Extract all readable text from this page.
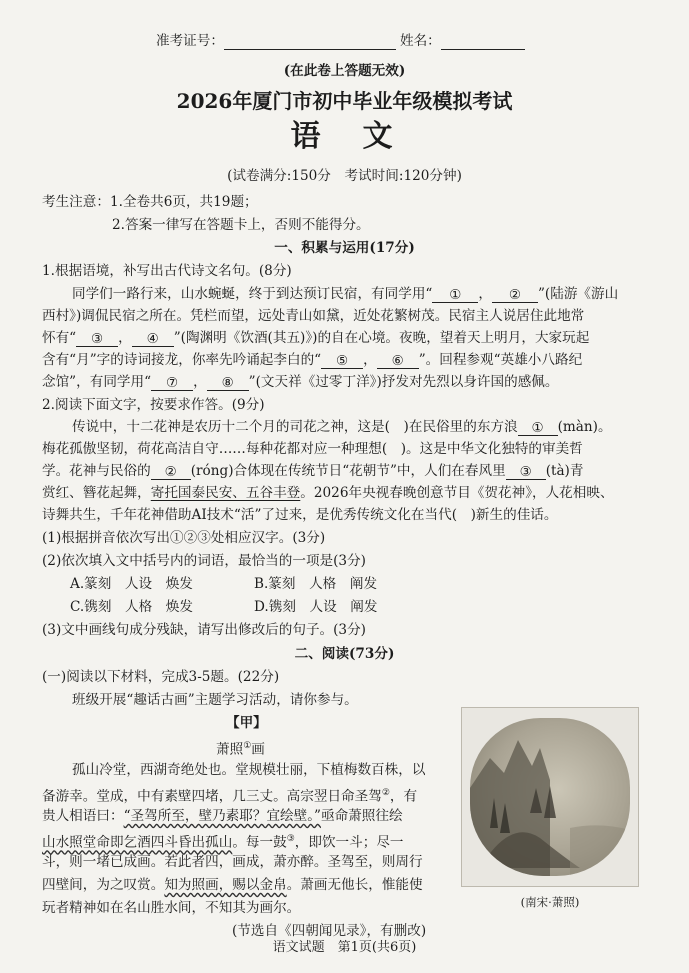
准考证号：	姓名：
(在此卷上答题无效)
2026年厦门市初中毕业年级模拟考试
语　文
(试卷满分:150分　考试时间:120分钟)
考生注意：1.全卷共6页，共19题；
2.答案一律写在答题卡上，否则不能得分。
一、积累与运用(17分)
1.根据语境，补写出古代诗文名句。(8分)
同学们一路行来，山水蜿蜒，终于到达预订民宿，有同学用“ ① ， ② ”(陆游《游山
西村》)调侃民宿之所在。凭栏而望，远处青山如黛，近处花繁树茂。民宿主人说居住此地常
怀有“ ③ ， ④ ”(陶渊明《饮酒(其五)》)的自在心境。夜晚，望着天上明月，大家玩起
含有“月”字的诗词接龙，你率先吟诵起李白的“ ⑤ ， ⑥ ”。回程参观“英雄小八路纪
念馆”，有同学用“ ⑦ ， ⑧ ”(文天祥《过零丁洋》)抒发对先烈以身许国的感佩。
2.阅读下面文字，按要求作答。(9分)
传说中，十二花神是农历十二个月的司花之神，这是(　)在民俗里的东方浪 ① (màn)。
梅花孤傲坚韧，荷花高洁自守……每种花都对应一种理想(　)。这是中华文化独特的审美哲
学。花神与民俗的 ② (róng)合体现在传统节日“花朝节”中，人们在春风里 ③ (tà)青
赏红、簪花起舞，寄托国泰民安、五谷丰登。2026年央视春晚创意节目《贺花神》，人花相映、
诗舞共生，千年花神借助AI技术“活”了过来，是优秀传统文化在当代(　)新生的佳话。
(1)根据拼音依次写出①②③处相应汉字。(3分)
(2)依次填入文中括号内的词语，最恰当的一项是(3分)
A.篆刻　人设　焕发	B.篆刻　人格　阐发
C.镌刻　人格　焕发	D.镌刻　人设　阐发
(3)文中画线句成分残缺，请写出修改后的句子。(3分)
二、阅读(73分)
(一)阅读以下材料，完成3-5题。(22分)
班级开展“趣话古画”主题学习活动，请你参与。
【甲】
萧照①画
孤山冷堂，西湖奇绝处也。堂规模壮丽，下植梅数百株，以
备游幸。堂成，中有素壁四堵，几三丈。高宗翌日命圣驾②，有
贵人相语曰：“圣驾所至，壁乃素耶？宜绘壁。”亟命萧照往绘
山水照堂命即乞酒四斗昏出孤山。每一鼓③，即饮一斗；尽一
斗，则一堵已成画。若此者四，画成，萧亦醉。圣驾至，则周行
四壁间，为之叹赏。知为照画，赐以金帛。萧画无他长，惟能使
玩者精神如在名山胜水间，不知其为画尔。
(节选自《四朝闻见录》，有删改)
(南宋·萧照)
语文试题　第1页(共6页)
